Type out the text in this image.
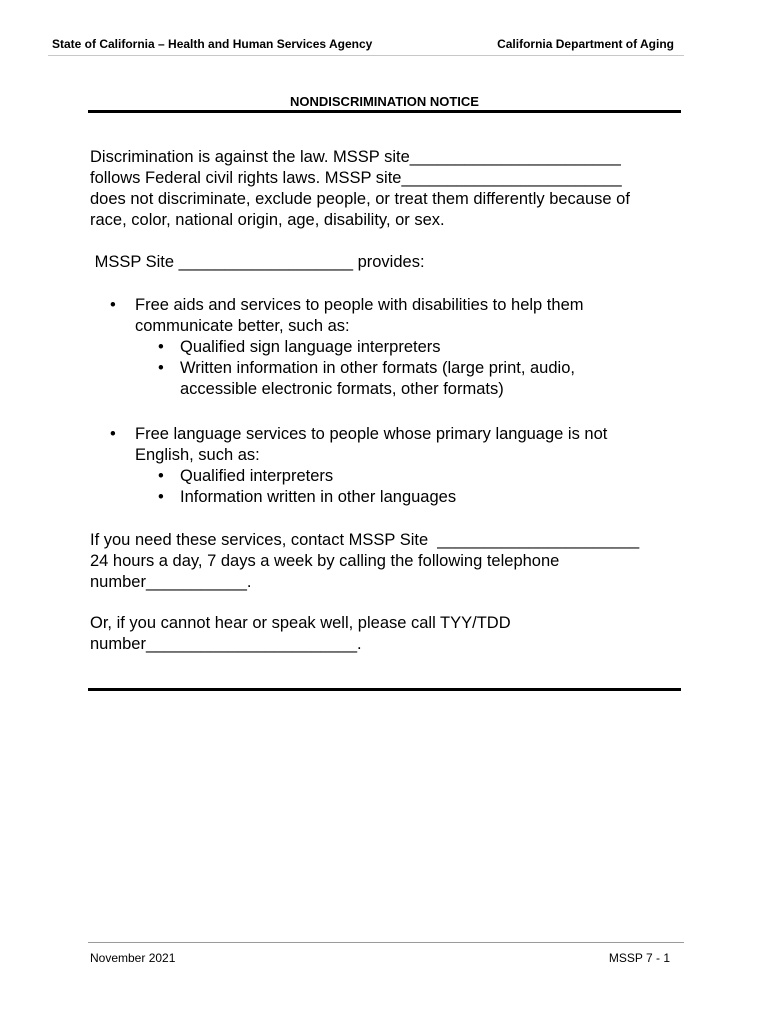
State of California – Health and Human Services Agency	California Department of Aging
NONDISCRIMINATION NOTICE
Discrimination is against the law. MSSP site_______________________
follows Federal civil rights laws. MSSP site________________________
does not discriminate, exclude people, or treat them differently because of
race, color, national origin, age, disability, or sex.
MSSP Site ___________________ provides:
• Free aids and services to people with disabilities to help them
communicate better, such as:
• Qualified sign language interpreters
• Written information in other formats (large print, audio,
accessible electronic formats, other formats)
• Free language services to people whose primary language is not
English, such as:
• Qualified interpreters
• Information written in other languages
If you need these services, contact MSSP Site  ______________________
24 hours a day, 7 days a week by calling the following telephone
number___________.
Or, if you cannot hear or speak well, please call TYY/TDD
number_______________________.
November 2021	MSSP 7 - 1
